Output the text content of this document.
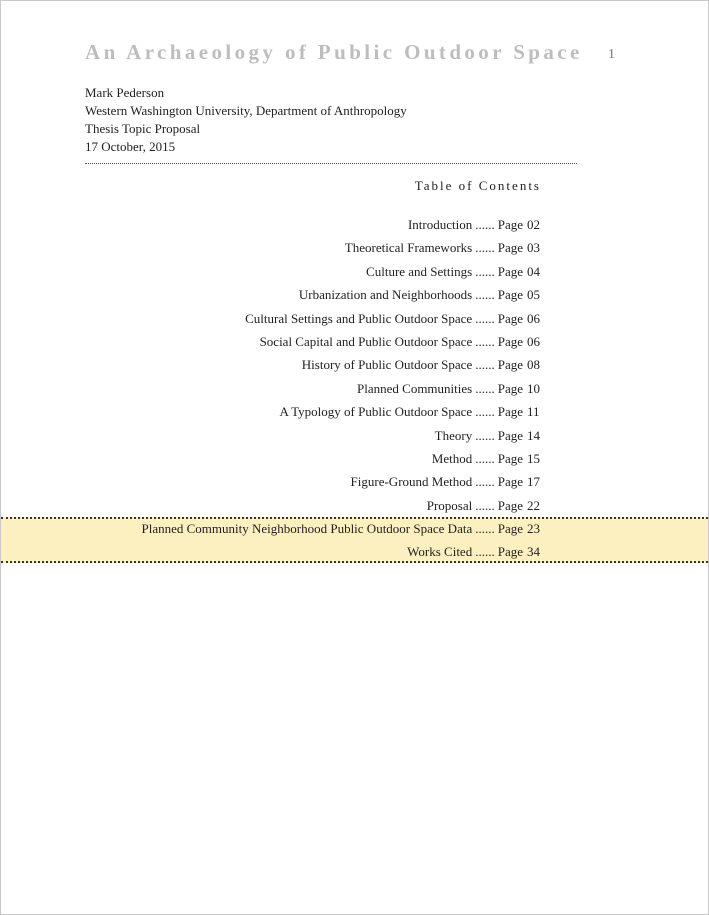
An Archaeology of Public Outdoor Space 1
Mark Pederson
Western Washington University, Department of Anthropology
Thesis Topic Proposal
17 October, 2015
Table of Contents
Introduction ...... Page 02
Theoretical Frameworks ...... Page 03
Culture and Settings ...... Page 04
Urbanization and Neighborhoods ...... Page 05
Cultural Settings and Public Outdoor Space ...... Page 06
Social Capital and Public Outdoor Space ...... Page 06
History of Public Outdoor Space ...... Page 08
Planned Communities ...... Page 10
A Typology of Public Outdoor Space ...... Page 11
Theory ...... Page 14
Method ...... Page 15
Figure-Ground Method ...... Page 17
Proposal ...... Page 22
Planned Community Neighborhood Public Outdoor Space Data ...... Page 23
Works Cited ...... Page 34
